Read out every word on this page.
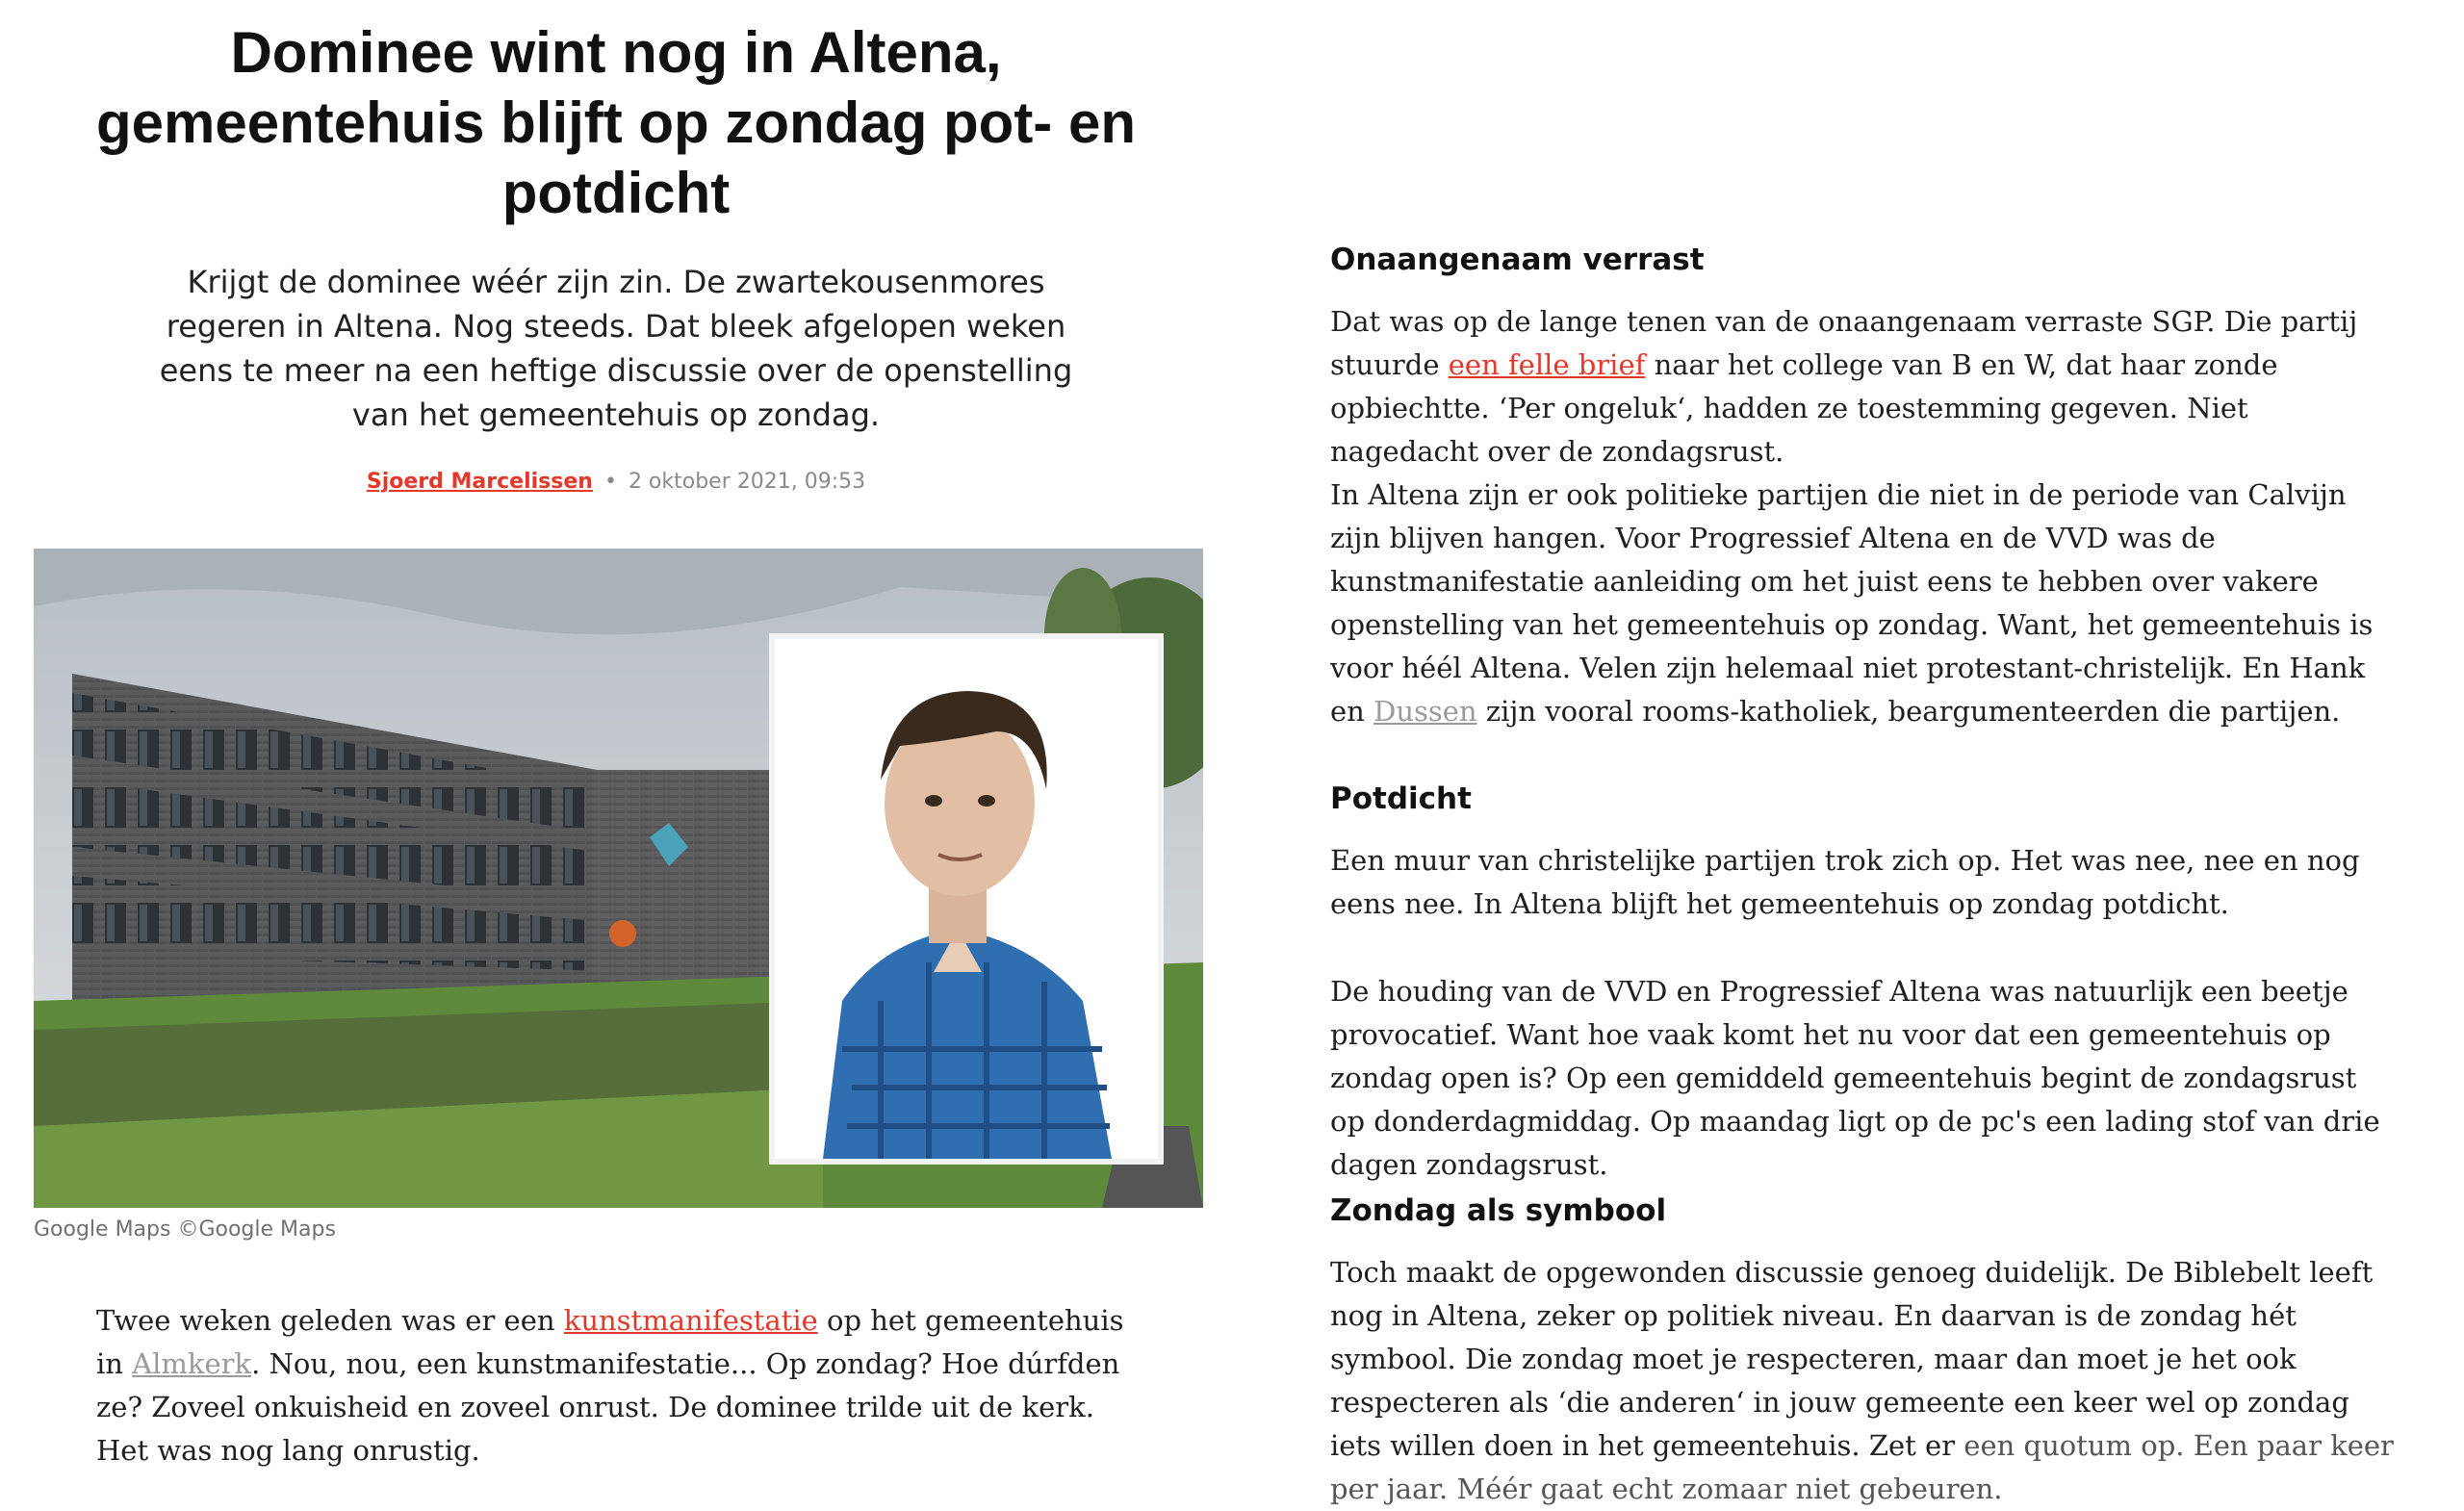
Dominee wint nog in Altena, gemeentehuis blijft op zondag pot- en potdicht

Krijgt de dominee wéér zijn zin. De zwartekousenmores regeren in Altena. Nog steeds. Dat bleek afgelopen weken eens te meer na een heftige discussie over de openstelling van het gemeentehuis op zondag.

Sjoerd Marcelissen • 2 oktober 2021, 09:53
Google Maps ©Google Maps

Twee weken geleden was er een kunstmanifestatie op het gemeentehuis in Almkerk. Nou, nou, een kunstmanifestatie... Op zondag? Hoe dúrfden ze? Zoveel onkuisheid en zoveel onrust. De dominee trilde uit de kerk. Het was nog lang onrustig.

Onaangenaam verrast

Dat was op de lange tenen van de onaangenaam verraste SGP. Die partij stuurde een felle brief naar het college van B en W, dat haar zonde opbiechtte. ‘Per ongeluk‘, hadden ze toestemming gegeven. Niet nagedacht over de zondagsrust.

In Altena zijn er ook politieke partijen die niet in de periode van Calvijn zijn blijven hangen. Voor Progressief Altena en de VVD was de kunstmanifestatie aanleiding om het juist eens te hebben over vakere openstelling van het gemeentehuis op zondag. Want, het gemeentehuis is voor héél Altena. Velen zijn helemaal niet protestant-christelijk. En Hank en Dussen zijn vooral rooms-katholiek, beargumenteerden die partijen.

Potdicht

Een muur van christelijke partijen trok zich op. Het was nee, nee en nog eens nee. In Altena blijft het gemeentehuis op zondag potdicht.

De houding van de VVD en Progressief Altena was natuurlijk een beetje provocatief. Want hoe vaak komt het nu voor dat een gemeentehuis op zondag open is? Op een gemiddeld gemeentehuis begint de zondagsrust op donderdagmiddag. Op maandag ligt op de pc's een lading stof van drie dagen zondagsrust.

Zondag als symbool

Toch maakt de opgewonden discussie genoeg duidelijk. De Biblebelt leeft nog in Altena, zeker op politiek niveau. En daarvan is de zondag hét symbool. Die zondag moet je respecteren, maar dan moet je het ook respecteren als ‘die anderen‘ in jouw gemeente een keer wel op zondag iets willen doen in het gemeentehuis. Zet er een quotum op. Een paar keer per jaar. Méér gaat echt zomaar niet gebeuren.
